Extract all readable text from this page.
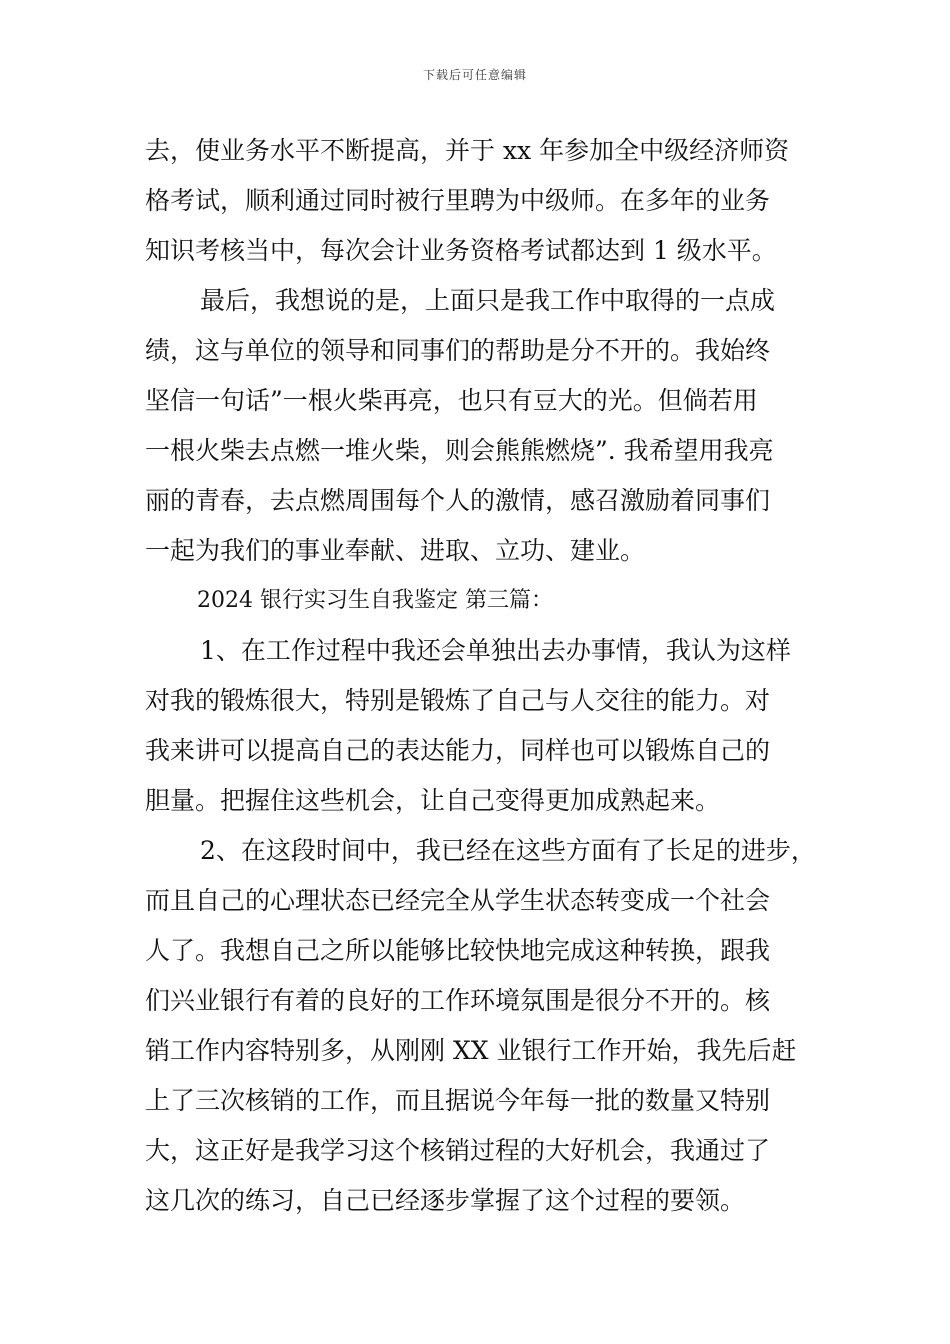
下载后可任意编辑
去，使业务水平不断提高，并于 xx 年参加全中级经济师资
格考试，顺利通过同时被行里聘为中级师。在多年的业务
知识考核当中，每次会计业务资格考试都达到 1 级水平。
最后，我想说的是，上面只是我工作中取得的一点成
绩，这与单位的领导和同事们的帮助是分不开的。我始终
坚信一句话”一根火柴再亮，也只有豆大的光。但倘若用
一根火柴去点燃一堆火柴，则会熊熊燃烧”. 我希望用我亮
丽的青春，去点燃周围每个人的激情，感召激励着同事们
一起为我们的事业奉献、进取、立功、建业。
2024 银行实习生自我鉴定 第三篇：
1、在工作过程中我还会单独出去办事情，我认为这样
对我的锻炼很大，特别是锻炼了自己与人交往的能力。对
我来讲可以提高自己的表达能力，同样也可以锻炼自己的
胆量。把握住这些机会，让自己变得更加成熟起来。
2、在这段时间中，我已经在这些方面有了长足的进步，
而且自己的心理状态已经完全从学生状态转变成一个社会
人了。我想自己之所以能够比较快地完成这种转换，跟我
们兴业银行有着的良好的工作环境氛围是很分不开的。核
销工作内容特别多，从刚刚 XX 业银行工作开始，我先后赶
上了三次核销的工作，而且据说今年每一批的数量又特别
大，这正好是我学习这个核销过程的大好机会，我通过了
这几次的练习，自己已经逐步掌握了这个过程的要领。
